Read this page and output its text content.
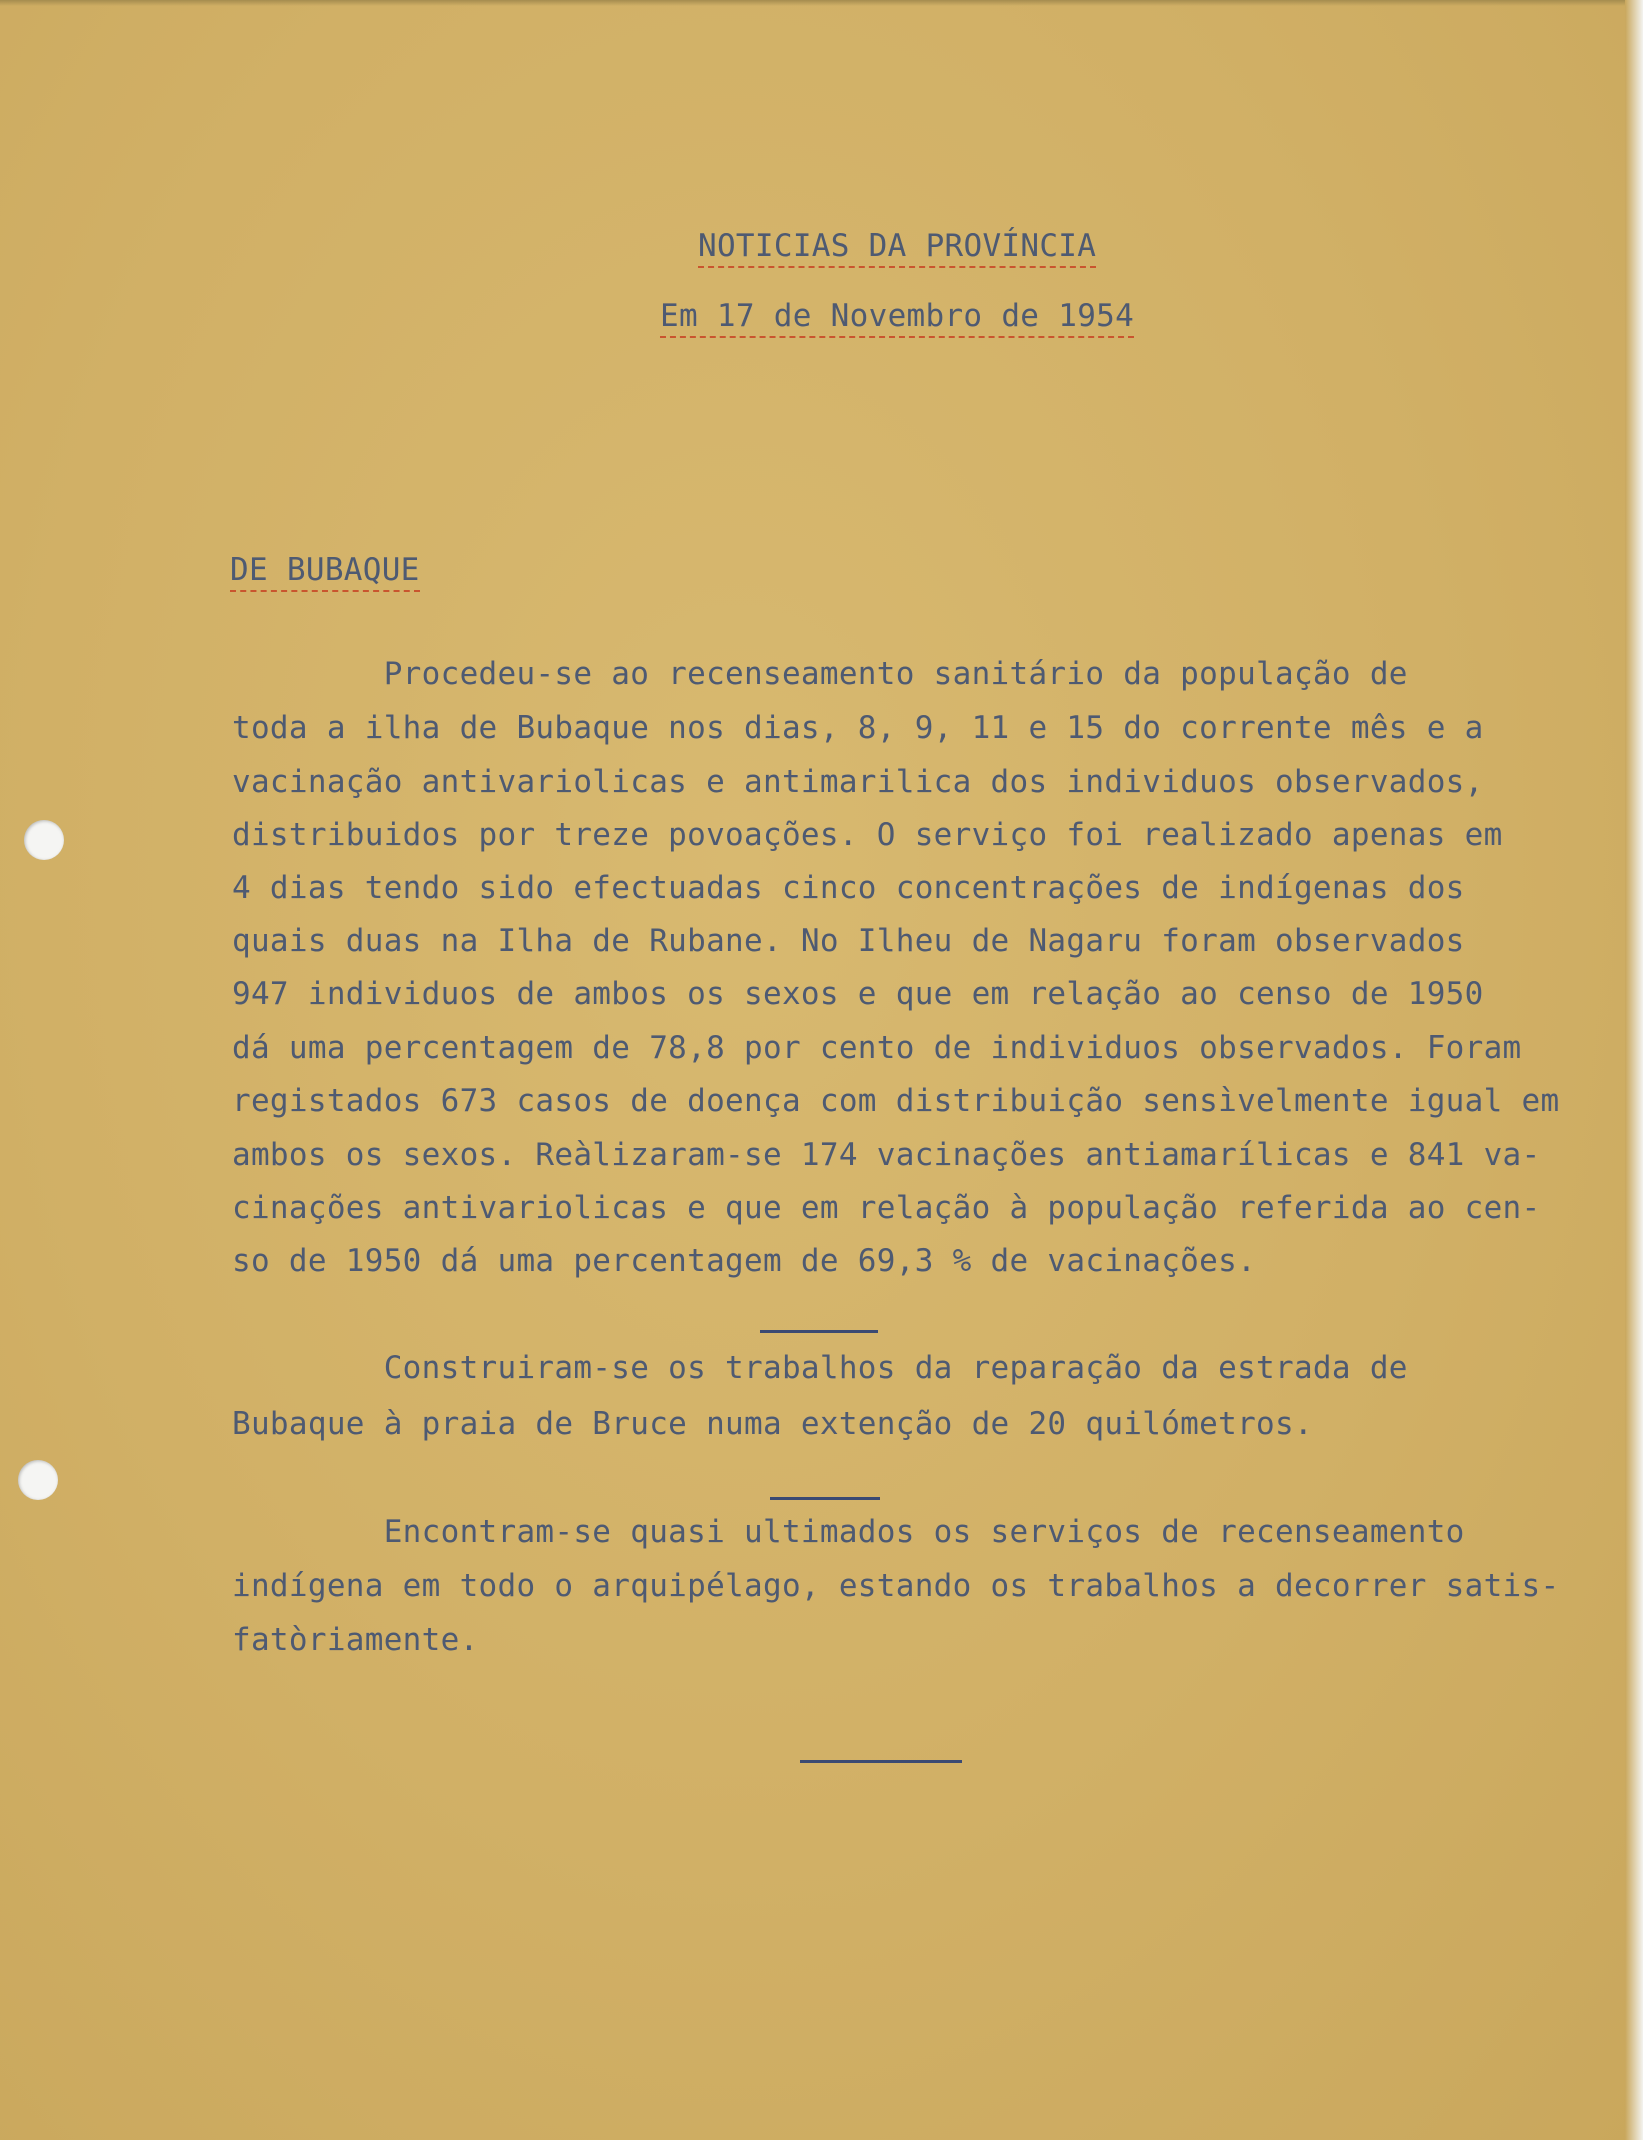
NOTICIAS DA PROVÍNCIA
Em 17 de Novembro de 1954
DE BUBAQUE
Procedeu-se ao recenseamento sanitário da população de
toda a ilha de Bubaque nos dias, 8, 9, 11 e 15 do corrente mês e a
vacinação antivariolicas e antimarilica dos individuos observados,
distribuidos por treze povoações. O serviço foi realizado apenas em
4 dias tendo sido efectuadas cinco concentrações de indígenas dos
quais duas na Ilha de Rubane. No Ilheu de Nagaru foram observados
947 individuos de ambos os sexos e que em relação ao censo de 1950
dá uma percentagem de 78,8 por cento de individuos observados. Foram
registados 673 casos de doença com distribuição sensìvelmente igual em
ambos os sexos. Reàlizaram-se 174 vacinações antiamarílicas e 841 va-
cinações antivariolicas e que em relação à população referida ao cen-
so de 1950 dá uma percentagem de 69,3 % de vacinações.
Construiram-se os trabalhos da reparação da estrada de
Bubaque à praia de Bruce numa extenção de 20 quilómetros.
Encontram-se quasi ultimados os serviços de recenseamento
indígena em todo o arquipélago, estando os trabalhos a decorrer satis-
fatòriamente.
